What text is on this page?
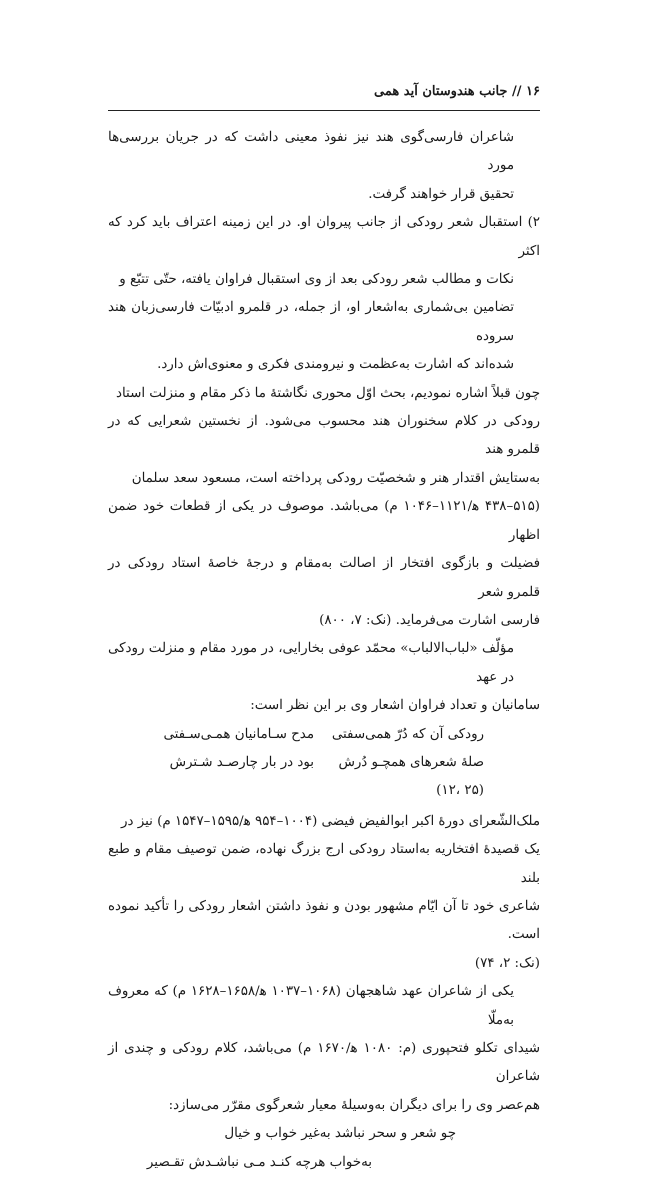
۱۶ // جانب هندوستان آید همی
شاعران فارسی‌گوی هند نیز نفوذ معینی داشت که در جریان بررسی‌ها مورد
تحقیق قرار خواهند گرفت.
۲) استقبال شعر رودکی از جانب پیروان او. در این زمینه اعتراف باید کرد که اکثر
نکات و مطالب شعر رودکی بعد از وی استقبال فراوان یافته، حتّی تتبّع و
تضامین بی‌شماری به‌اشعار او، از جمله، در قلمرو ادبیّات فارسی‌زبان هند سروده
شده‌اند که اشارت به‌عظمت و نیرومندی فکری و معنوی‌اش دارد.
چون قبلاً اشاره نمودیم، بحث اوّل محوری نگاشتهٔ ما ذکر مقام و منزلت استاد
رودکی در کلام سخنوران هند محسوب می‌شود. از نخستین شعرایی که در قلمرو هند
به‌ستایش اقتدار هنر و شخصیّت رودکی پرداخته است، مسعود سعد سلمان
(۵۱۵–۴۳۸ ه‍/۱۱۲۱–۱۰۴۶ م) می‌باشد. موصوف در یکی از قطعات خود ضمن اظهار
فضیلت و بازگوی افتخار از اصالت به‌مقام و درجهٔ خاصهٔ استاد رودکی در قلمرو شعر
فارسی اشارت می‌فرماید. (نک: ۷، ۸۰۰)
مؤلّف «لباب‌الالباب» محمّد عوفی بخارایی، در مورد مقام و منزلت رودکی در عهد
سامانیان و تعداد فراوان اشعار وی بر این نظر است:
رودکی آن که دُرّ همی‌سفتی
مدح سـامانیان همـی‌سـفتی
صلهٔ شعرهای همچـو دُرش
بود در بار چارصـد شـترش
(۲۵ ،۱۲)
ملک‌الشّعرای دورهٔ اکبر ابوالفیض فیضی (۱۰۰۴–۹۵۴ ه‍/۱۵۹۵–۱۵۴۷ م) نیز در
یک قصیدهٔ افتخاریه به‌استاد رودکی ارج بزرگ نهاده، ضمن توصیف مقام و طبع بلند
شاعری خود تا آن ایّام مشهور بودن و نفوذ داشتن اشعار رودکی را تأکید نموده است.
(نک: ۲، ۷۴)
یکی از شاعران عهد شاهجهان (۱۰۶۸–۱۰۳۷ ه‍/۱۶۵۸–۱۶۲۸ م) که معروف به‌ملّا
شیدای تکلو فتحپوری (م: ۱۰۸۰ ه‍/۱۶۷۰ م) می‌باشد، کلام رودکی و چندی از شاعران
هم‌عصر وی را برای دیگران به‌وسیلهٔ معیار شعرگوی مقرّر می‌سازد:
چو شعر و سحر نباشد به‌غیر خواب و خیال
به‌خواب هرچه کنـد مـی نباشـدش تقـصیر
